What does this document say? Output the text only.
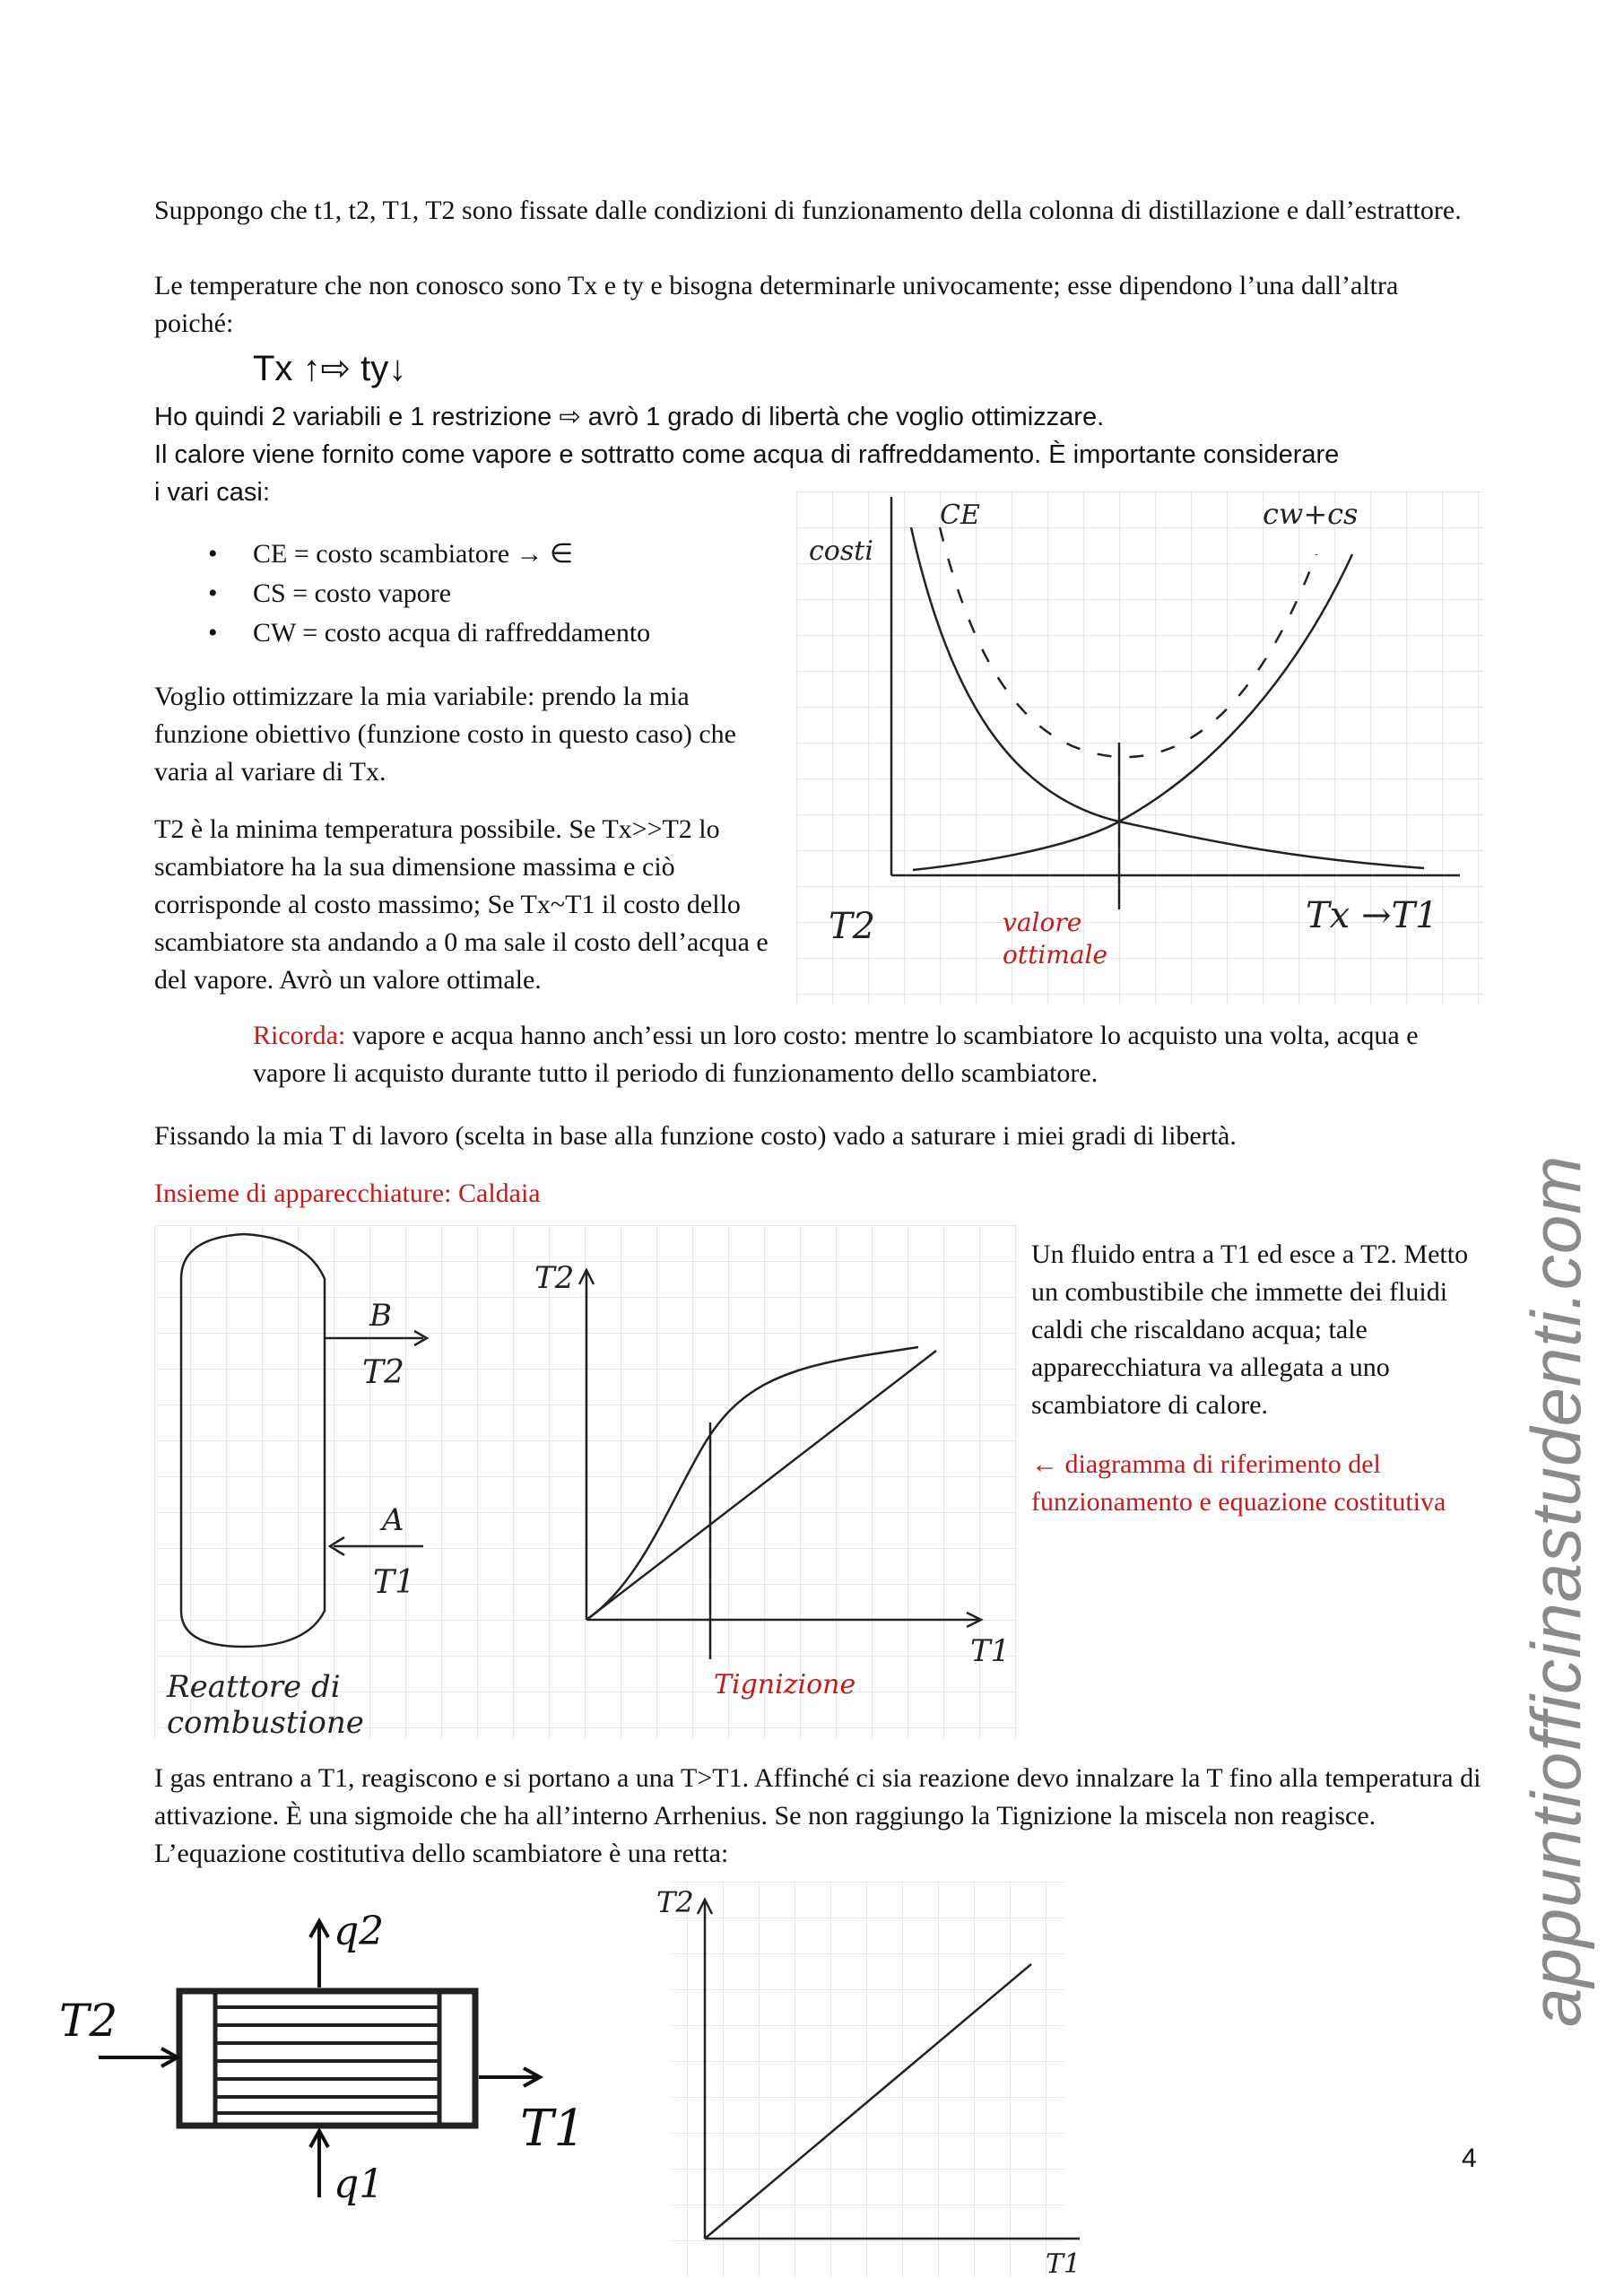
Suppongo che t1, t2, T1, T2 sono fissate dalle condizioni di funzionamento della colonna di distillazione e dall’estrattore.

Le temperature che non conosco sono Tx e ty e bisogna determinarle univocamente; esse dipendono l’una dall’altra poiché:

Tx ↑⇨ ty↓

Ho quindi 2 variabili e 1 restrizione ⇨ avrò 1 grado di libertà che voglio ottimizzare.

Il calore viene fornito come vapore e sottratto come acqua di raffreddamento. È importante considerare i vari casi:

• CE = costo scambiatore → ∈
• CS = costo vapore
• CW = costo acqua di raffreddamento

Voglio ottimizzare la mia variabile: prendo la mia funzione obiettivo (funzione costo in questo caso) che varia al variare di Tx.

T2 è la minima temperatura possibile. Se Tx>>T2 lo scambiatore ha la sua dimensione massima e ciò corrisponde al costo massimo; Se Tx~T1 il costo dello scambiatore sta andando a 0 ma sale il costo dell’acqua e del vapore. Avrò un valore ottimale.

CE	cw+cs
costi
T2	Tx →T1
valore ottimale

Ricorda: vapore e acqua hanno anch’essi un loro costo: mentre lo scambiatore lo acquisto una volta, acqua e vapore li acquisto durante tutto il periodo di funzionamento dello scambiatore.

Fissando la mia T di lavoro (scelta in base alla funzione costo) vado a saturare i miei gradi di libertà.

Insieme di apparecchiature: Caldaia

B
T2
A
T1
Reattore di combustione
T2
T1
Tignizione

Un fluido entra a T1 ed esce a T2. Metto un combustibile che immette dei fluidi caldi che riscaldano acqua; tale apparecchiatura va allegata a uno scambiatore di calore.

← diagramma di riferimento del funzionamento e equazione costitutiva

I gas entrano a T1, reagiscono e si portano a una T>T1. Affinché ci sia reazione devo innalzare la T fino alla temperatura di attivazione. È una sigmoide che ha all’interno Arrhenius. Se non raggiungo la Tignizione la miscela non reagisce. L’equazione costitutiva dello scambiatore è una retta:

T2
T1
q2
q1
T2
T1
appuntiofficinastudenti.com
4
